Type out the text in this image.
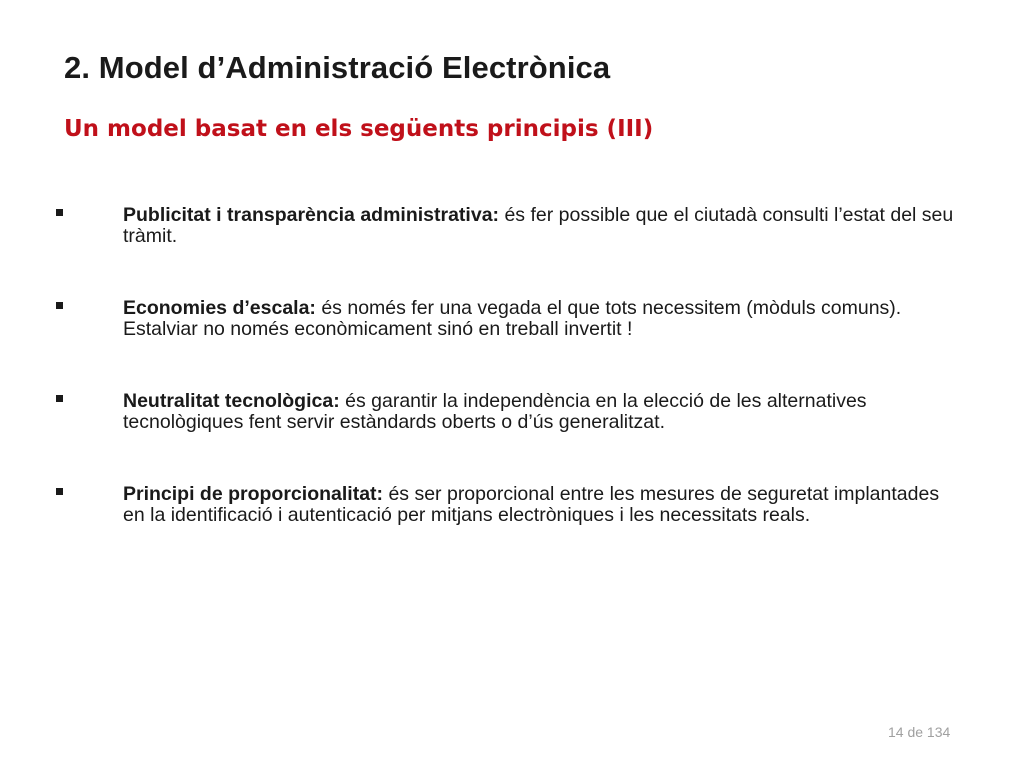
2. Model d’Administració Electrònica
Un model basat en els següents principis (III)
Publicitat i transparència administrativa: és fer possible que el ciutadà consulti l’estat del seu tràmit.
Economies d’escala: és només fer una vegada el que tots necessitem (mòduls comuns). Estalviar no només econòmicament sinó en treball invertit !
Neutralitat tecnològica: és garantir la independència en la elecció de les alternatives tecnològiques fent servir estàndards oberts o d’ús generalitzat.
Principi de proporcionalitat: és ser proporcional entre les mesures de seguretat implantades en la identificació i autenticació per mitjans electròniques i les necessitats reals.
14 de 134
